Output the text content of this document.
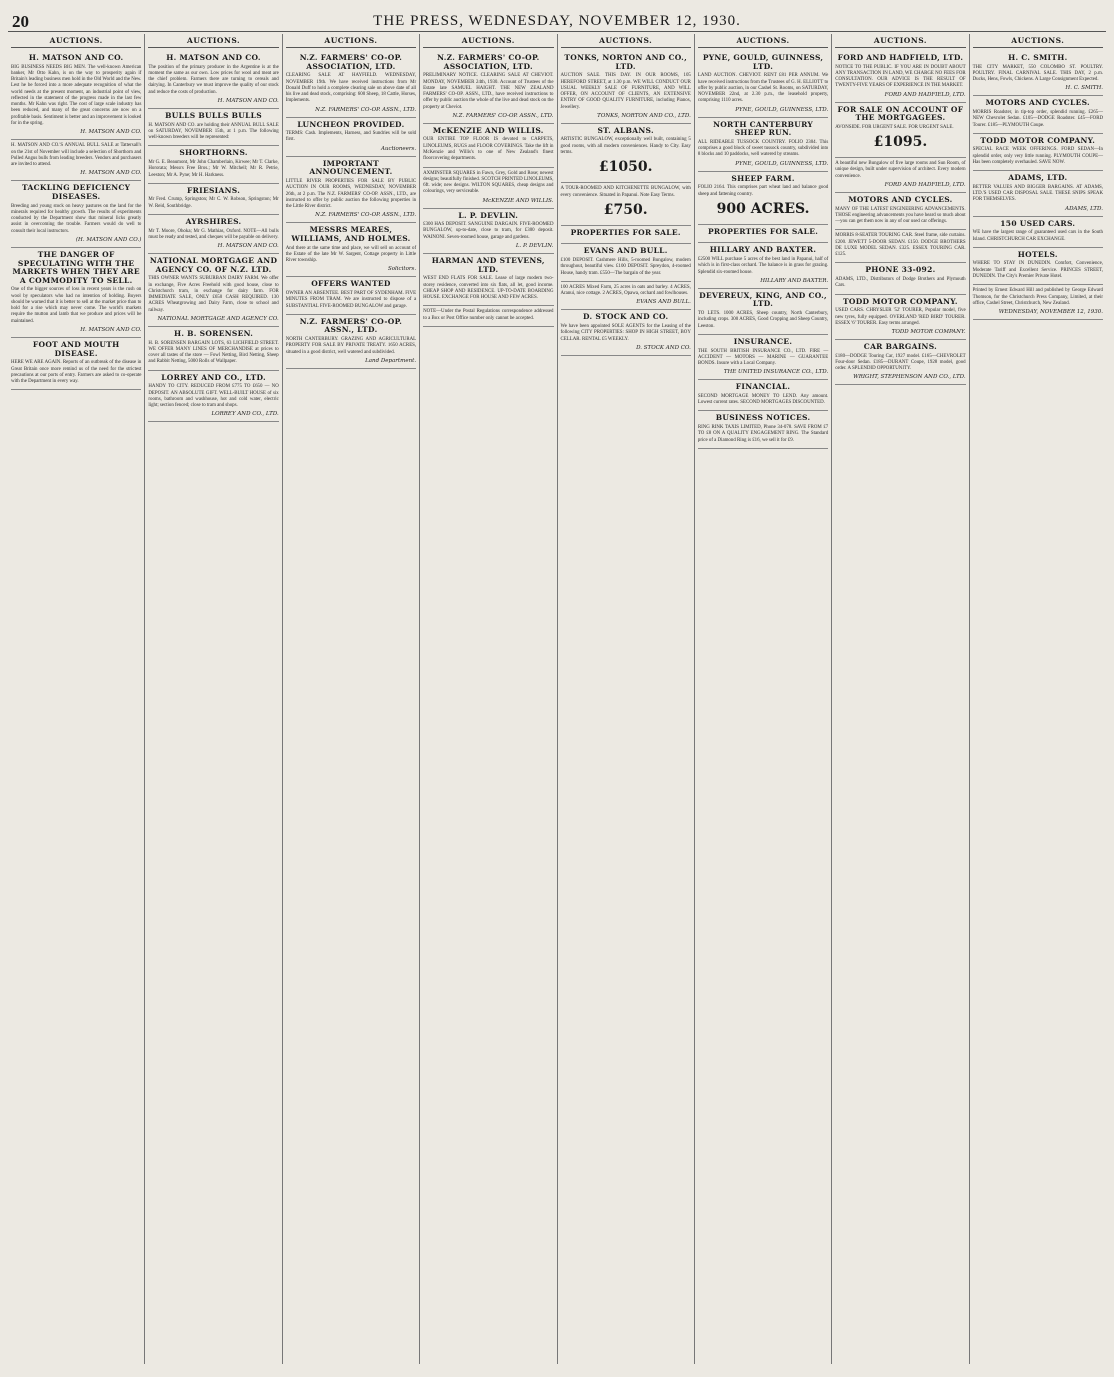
20	THE PRESS, WEDNESDAY, NOVEMBER 12, 1930.
AUCTIONS.
H. MATSON AND CO.
BIG BUSINESS NEEDS BIG MEN. The well-known American banker, Mr Otto Kahn, is on the way to prosperity again if Britain's leading business men hold in the Old World and the New. Lest he be forced into a more adequate recognition of what the world needs at the present moment, an industrial point of view, reflected in the statement of the progress made in the last few months. Mr Kahn was right. The cost of large scale industry has been reduced, and many of the great concerns are now on a profitable basis. Sentiment is better and an improvement is looked for in the spring.
H. MATSON AND CO.
H. MATSON AND CO.'S ANNUAL BULL SALE at Tattersall's on the 21st of November will include a selection of Shorthorn and Polled Angus bulls from leading breeders. Vendors and purchasers are invited to attend.
H. MATSON AND CO.
TACKLING DEFICIENCY DISEASES.
Breeding and young stock on heavy pastures on the land for the minerals required for healthy growth. The results of experiments conducted by the Department show that mineral licks greatly assist in overcoming the trouble. Farmers would do well to consult their local instructors.
(H. MATSON AND CO.)
THE DANGER OF SPECULATING WITH THE MARKETS WHEN THEY ARE A COMMODITY TO SELL.
One of the bigger sources of loss in recent years is the rush on wool by speculators who had no intention of holding. Buyers should be warned that it is better to sell at the market price than to hold for a rise which may never come. The world's markets require the mutton and lamb that we produce and prices will be maintained.
H. MATSON AND CO.
FOOT AND MOUTH DISEASE.
HERE WE ARE AGAIN. Reports of an outbreak of the disease in Great Britain once more remind us of the need for the strictest precautions at our ports of entry. Farmers are asked to co-operate with the Department in every way.
AUCTIONS.
H. MATSON AND CO.
The position of the primary producer in the Argentine is at the moment the same as our own. Low prices for wool and meat are the chief problem. Farmers there are turning to cereals and dairying. In Canterbury we must improve the quality of our stock and reduce the costs of production.
H. MATSON AND CO.
BULLS BULLS BULLS
H. MATSON AND CO. are holding their ANNUAL BULL SALE on SATURDAY, NOVEMBER 15th, at 1 p.m. The following well-known breeders will be represented:
SHORTHORNS.
Mr G. E. Beaumont, Mr John Chamberlain, Kirwee; Mr T. Clarke, Hororata; Messrs Free Bros.; Mr W. Mitchell; Mr R. Petrie, Leeston; Mr A. Pyne; Mr H. Harkness.
FRIESIANS.
Mr Fred. Crump, Springston; Mr C. W. Robson, Springston; Mr W. Reid, Southbridge.
AYRSHIRES.
Mr T. Moore, Ohoka; Mr G. Mathias, Oxford. NOTE—All bulls must be ready and tested, and cheques will be payable on delivery.
H. MATSON AND CO.
NATIONAL MORTGAGE AND AGENCY CO. OF N.Z. LTD.
THIS OWNER WANTS SUBURBAN DAIRY FARM. We offer in exchange, Five Acres Freehold with good house, close to Christchurch tram, in exchange for dairy farm. FOR IMMEDIATE SALE, ONLY £650 CASH REQUIRED. 130 ACRES Wheatgrowing and Dairy Farm, close to school and railway.
NATIONAL MORTGAGE AND AGENCY CO.
H. B. SORENSEN.
H. B. SORENSEN BARGAIN LOTS, 63 LICHFIELD STREET. WE OFFER MANY LINES OF MERCHANDISE at prices to cover all tastes of the store — Fowl Netting, Bird Netting, Sheep and Rabbit Netting, 5000 Rolls of Wallpaper.
LORREY AND CO., LTD.
HANDY TO CITY. REDUCED FROM £775 TO £650 — NO DEPOSIT. AN ABSOLUTE GIFT. WELL-BUILT HOUSE of six rooms, bathroom and washhouse, hot and cold water, electric light; section fenced; close to tram and shops.
LORREY AND CO., LTD.
AUCTIONS.
N.Z. FARMERS' CO-OP. ASSOCIATION, LTD.
CLEARING SALE AT HAYFIELD. WEDNESDAY, NOVEMBER 19th. We have received instructions from Mr Donald Duff to hold a complete clearing sale on above date of all his live and dead stock, comprising: 600 Sheep, 18 Cattle, Horses, Implements.
N.Z. FARMERS' CO-OP. ASSN., LTD.
LUNCHEON PROVIDED.
TERMS: Cash. Implements, Harness, and Sundries will be sold first.
Auctioneers.
IMPORTANT ANNOUNCEMENT.
LITTLE RIVER PROPERTIES FOR SALE BY PUBLIC AUCTION IN OUR ROOMS, WEDNESDAY, NOVEMBER 26th, at 2 p.m. The N.Z. FARMERS' CO-OP. ASSN., LTD., are instructed to offer by public auction the following properties in the Little River district.
N.Z. FARMERS' CO-OP. ASSN., LTD.
MESSRS MEARES, WILLIAMS, AND HOLMES.
And there at the same time and place, we will sell on account of the Estate of the late Mr W. Sargent, Cottage property in Little River township.
Solicitors.
OFFERS WANTED
OWNER AN ABSENTEE. BEST PART OF SYDENHAM. FIVE MINUTES FROM TRAM. We are instructed to dispose of a SUBSTANTIAL FIVE-ROOMED BUNGALOW and garage.
N.Z. FARMERS' CO-OP. ASSN., LTD.
NORTH CANTERBURY. GRAZING AND AGRICULTURAL PROPERTY FOR SALE BY PRIVATE TREATY. 1650 ACRES, situated in a good district, well watered and subdivided.
Land Department.
AUCTIONS.
N.Z. FARMERS' CO-OP. ASSOCIATION, LTD.
PRELIMINARY NOTICE. CLEARING SALE AT CHEVIOT. MONDAY, NOVEMBER 24th, 1930. Account of Trustees of the Estate late SAMUEL HAIGHT. THE NEW ZEALAND FARMERS' CO-OP. ASSN., LTD., have received instructions to offer by public auction the whole of the live and dead stock on the property at Cheviot.
N.Z. FARMERS' CO-OP. ASSN., LTD.
McKENZIE AND WILLIS.
OUR ENTIRE TOP FLOOR IS devoted to CARPETS, LINOLEUMS, RUGS and FLOOR COVERINGS. Take the lift in McKenzie and Willis's to one of New Zealand's finest floorcovering departments.
AXMINSTER SQUARES in Fawn, Grey, Gold and Rose; newest designs; beautifully finished. SCOTCH PRINTED LINOLEUMS, 6ft. wide; new designs. WILTON SQUARES, cheap designs and colourings, very serviceable.
McKENZIE AND WILLIS.
L. P. DEVLIN.
£300 HAS DEPOSIT. SANGUINE DARGAIN. FIVE-ROOMED BUNGALOW, up-to-date, close to tram, for £300 deposit. WAINONI. Seven-roomed house, garage and gardens.
L. P. DEVLIN.
HARMAN AND STEVENS, LTD.
WEST END FLATS FOR SALE. Lease of large modern two-storey residence, converted into six flats, all let, good income. CHEAP SHOP AND RESIDENCE. UP-TO-DATE BOARDING HOUSE. EXCHANGE FOR HOUSE AND FEW ACRES.
NOTE—Under the Postal Regulations correspondence addressed to a Box or Post Office number only cannot be accepted.
AUCTIONS.
TONKS, NORTON AND CO., LTD.
AUCTION SALE. THIS DAY. IN OUR ROOMS, 105 HEREFORD STREET, at 1.30 p.m. WE WILL CONDUCT OUR USUAL WEEKLY SALE OF FURNITURE, AND WILL OFFER, ON ACCOUNT OF CLIENTS, AN EXTENSIVE ENTRY OF GOOD QUALITY FURNITURE, including Pianos, Jewellery.
TONKS, NORTON AND CO., LTD.
ST. ALBANS.
ARTISTIC BUNGALOW, exceptionally well built, containing 5 good rooms, with all modern conveniences. Handy to City. Easy terms.
£1050.
A TOUR-ROOMED AND KITCHENETTE BUNGALOW, with every convenience. Situated in Papanui. Note Easy Terms.
£750.
PROPERTIES FOR SALE.
EVANS AND BULL.
£100 DEPOSIT. Cashmere Hills, 5-roomed Bungalow, modern throughout, beautiful view. £100 DEPOSIT. Spreydon, 4-roomed House, handy tram. £550—The bargain of the year.
100 ACRES Mixed Farm, 25 acres in oats and barley. 4 ACRES, Aranui, nice cottage. 2 ACRES, Opawa, orchard and fowlhouses.
EVANS AND BULL.
D. STOCK AND CO.
We have been appointed SOLE AGENTS for the Leasing of the following CITY PROPERTIES: SHOP IN HIGH STREET, BOY CELLAR. RENTAL £5 WEEKLY.
D. STOCK AND CO.
AUCTIONS.
PYNE, GOULD, GUINNESS, LTD.
LAND AUCTION. CHEVIOT. RENT £81 PER ANNUM. We have received instructions from the Trustees of G. H. ELLIOTT to offer by public auction, in our Cashel St. Rooms, on SATURDAY, NOVEMBER 22nd, at 2.30 p.m., the leasehold property, comprising 1110 acres.
PYNE, GOULD, GUINNESS, LTD.
NORTH CANTERBURY SHEEP RUN.
ALL RIDEABLE TUSSOCK COUNTRY. FOLIO 2304. This comprises a good block of sweet tussock country, subdivided into 8 blocks and 10 paddocks, well watered by streams.
PYNE, GOULD, GUINNESS, LTD.
SHEEP FARM.
FOLIO 2164. This comprises part wheat land and balance good sheep and fattening country.
900 ACRES.
PROPERTIES FOR SALE.
HILLARY AND BAXTER.
£2500 WILL purchase 5 acres of the best land in Papanui, half of which is in first-class orchard. The balance is in grass for grazing. Splendid six-roomed house.
HILLARY AND BAXTER.
DEVEREUX, KING, AND CO., LTD.
TO LETS. 1000 ACRES, Sheep country, North Canterbury, including crops. 300 ACRES, Good Cropping and Sheep Country, Leeston.
INSURANCE.
THE SOUTH BRITISH INSURANCE CO., LTD. FIRE — ACCIDENT — MOTORS — MARINE — GUARANTEE BONDS. Insure with a Local Company.
THE UNITED INSURANCE CO., LTD.
FINANCIAL.
SECOND MORTGAGE MONEY TO LEND. Any amount. Lowest current rates. SECOND MORTGAGES DISCOUNTED.
BUSINESS NOTICES.
RING RINK TAXIS LIMITED, Phone 34-078. SAVE FROM £7 TO £8 ON A QUALITY ENGAGEMENT RING. The Standard price of a Diamond Ring is £16, we sell it for £9.
AUCTIONS.
FORD AND HADFIELD, LTD.
NOTICE TO THE PUBLIC. IF YOU ARE IN DOUBT ABOUT ANY TRANSACTION IN LAND, WE CHARGE NO FEES FOR CONSULTATION. OUR ADVICE IS THE RESULT OF TWENTY-FIVE YEARS OF EXPERIENCE IN THE MARKET.
FORD AND HADFIELD, LTD.
FOR SALE ON ACCOUNT OF THE MORTGAGEES.
AVONSIDE. FOR URGENT SALE. FOR URGENT SALE.
£1095.
A beautiful new Bungalow of five large rooms and Sun Room, of unique design, built under supervision of architect. Every modern convenience.
FORD AND HADFIELD, LTD.
MOTORS AND CYCLES.
MANY OF THE LATEST ENGINEERING ADVANCEMENTS. THOSE engineering advancements you have heard so much about—you can get them now in any of our used car offerings.
MORRIS 8-SEATER TOURING CAR. Steel frame, side curtains. £200. JEWETT 5-DOOR SEDAN. £150. DODGE BROTHERS DE LUXE MODEL SEDAN. £325. ESSEX TOURING CAR. £125.
PHONE 33-092.
ADAMS, LTD., Distributors of Dodge Brothers and Plymouth Cars.
TODD MOTOR COMPANY.
USED CARS. CHRYSLER '52' TOURER, Popular model, five new tyres, fully equipped. OVERLAND 'RED BIRD' TOURER. ESSEX '6' TOURER. Easy terms arranged.
TODD MOTOR COMPANY.
CAR BARGAINS.
£180—DODGE Touring Car, 1927 model. £165—CHEVROLET Four-door Sedan. £185—DURANT Coupe, 1928 model, good order. A SPLENDID OPPORTUNITY.
WRIGHT, STEPHENSON AND CO., LTD.
AUCTIONS.
H. C. SMITH.
THE CITY MARKET, 550 COLOMBO ST. POULTRY. POULTRY. FINAL CARNIVAL SALE. THIS DAY, 2 p.m. Ducks, Hens, Fowls, Chickens. A Large Consignment Expected.
H. C. SMITH.
MOTORS AND CYCLES.
MORRIS Roadster, in tip-top order, splendid running. £265—NEW Chevrolet Sedan. £105—DODGE Roadster. £45—FORD Tourer. £185—PLYMOUTH Coupe.
TODD MOTOR COMPANY.
SPECIAL RACE WEEK OFFERINGS. FORD SEDAN—In splendid order, only very little running. PLYMOUTH COUPE—Has been completely overhauled. SAVE NOW.
ADAMS, LTD.
BETTER VALUES AND BIGGER BARGAINS. AT ADAMS, LTD.'S USED CAR DISPOSAL SALE. THESE SNIPS SPEAK FOR THEMSELVES.
ADAMS, LTD.
150 USED CARS.
WE have the largest range of guaranteed used cars in the South Island. CHRISTCHURCH CAR EXCHANGE.
HOTELS.
WHERE TO STAY IN DUNEDIN. Comfort, Convenience, Moderate Tariff and Excellent Service. PRINCES STREET, DUNEDIN. The City's Premier Private Hotel.
Printed by Ernest Edward Hill and published by George Edward Thomson, for the Christchurch Press Company, Limited, at their office, Cashel Street, Christchurch, New Zealand.
WEDNESDAY, NOVEMBER 12, 1930.
